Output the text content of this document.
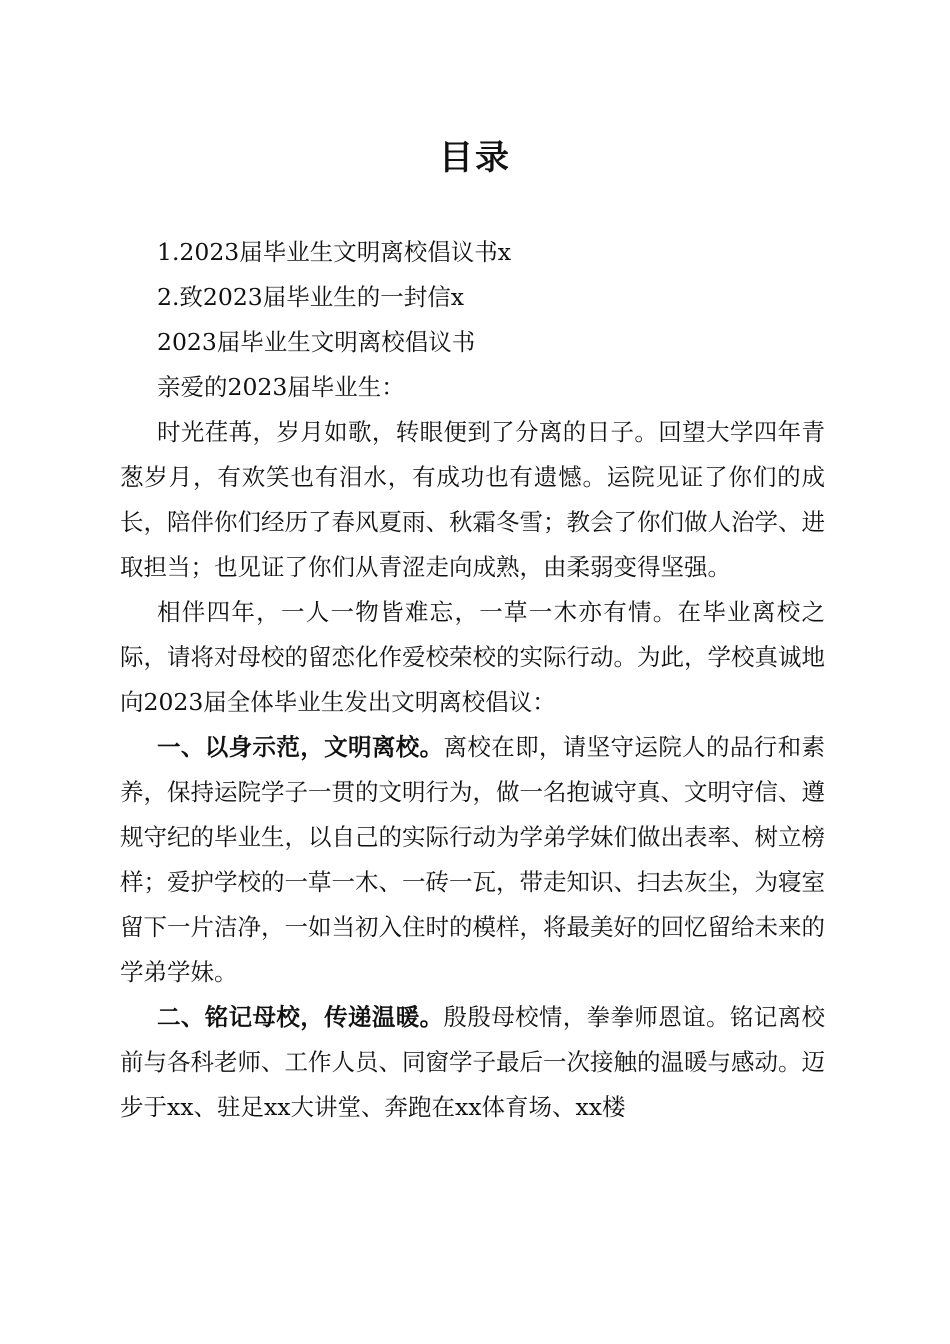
目录

1.2023届毕业生文明离校倡议书x

2.致2023届毕业生的一封信x

2023届毕业生文明离校倡议书

亲爱的2023届毕业生：

时光荏苒，岁月如歌，转眼便到了分离的日子。回望大学四年青葱岁月，有欢笑也有泪水，有成功也有遗憾。运院见证了你们的成长，陪伴你们经历了春风夏雨、秋霜冬雪；教会了你们做人治学、进取担当；也见证了你们从青涩走向成熟，由柔弱变得坚强。

相伴四年，一人一物皆难忘，一草一木亦有情。在毕业离校之际，请将对母校的留恋化作爱校荣校的实际行动。为此，学校真诚地向2023届全体毕业生发出文明离校倡议：

一、以身示范，文明离校。离校在即，请坚守运院人的品行和素养，保持运院学子一贯的文明行为，做一名抱诚守真、文明守信、遵规守纪的毕业生，以自己的实际行动为学弟学妹们做出表率、树立榜样；爱护学校的一草一木、一砖一瓦，带走知识、扫去灰尘，为寝室留下一片洁净，一如当初入住时的模样，将最美好的回忆留给未来的学弟学妹。

二、铭记母校，传递温暖。殷殷母校情，拳拳师恩谊。铭记离校前与各科老师、工作人员、同窗学子最后一次接触的温暖与感动。迈步于xx、驻足xx大讲堂、奔跑在xx体育场、xx楼
